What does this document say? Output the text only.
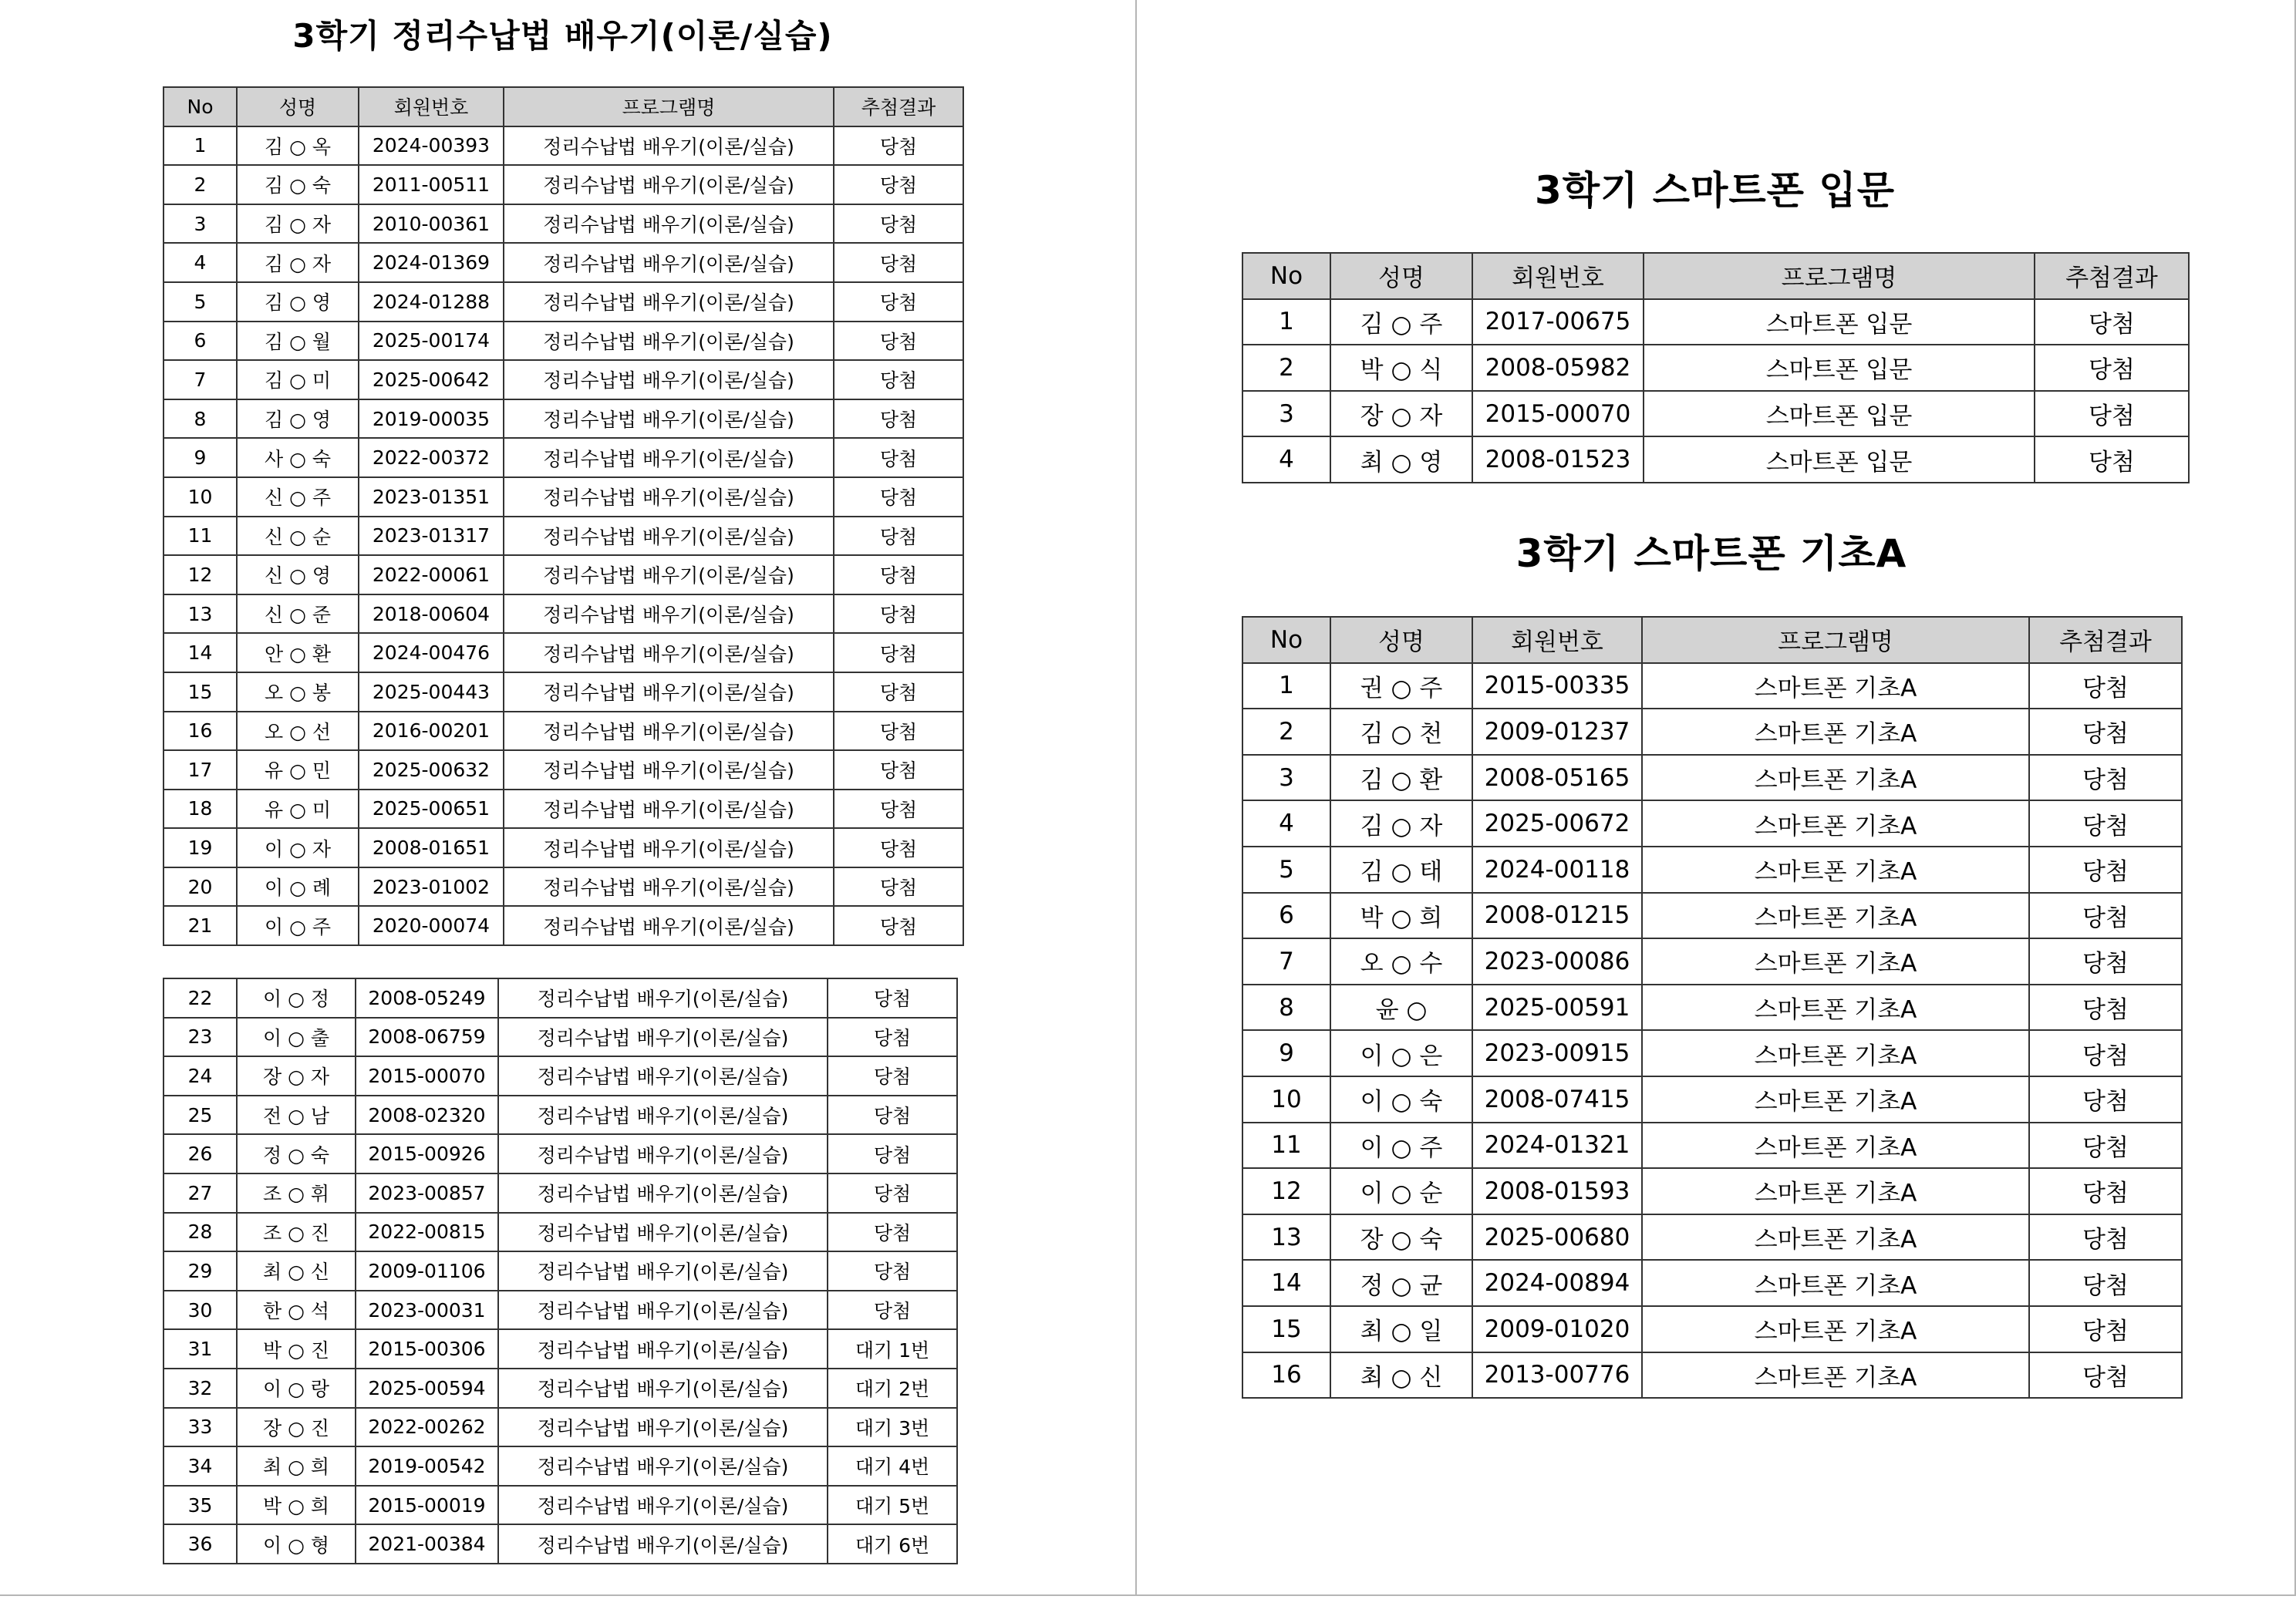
3학기 정리수납법 배우기(이론/실습)
No	성명	회원번호	프로그램명	추첨결과
1	김 ○ 옥	2024-00393	정리수납법 배우기(이론/실습)	당첨
2	김 ○ 숙	2011-00511	정리수납법 배우기(이론/실습)	당첨
3	김 ○ 자	2010-00361	정리수납법 배우기(이론/실습)	당첨
4	김 ○ 자	2024-01369	정리수납법 배우기(이론/실습)	당첨
5	김 ○ 영	2024-01288	정리수납법 배우기(이론/실습)	당첨
6	김 ○ 월	2025-00174	정리수납법 배우기(이론/실습)	당첨
7	김 ○ 미	2025-00642	정리수납법 배우기(이론/실습)	당첨
8	김 ○ 영	2019-00035	정리수납법 배우기(이론/실습)	당첨
9	사 ○ 숙	2022-00372	정리수납법 배우기(이론/실습)	당첨
10	신 ○ 주	2023-01351	정리수납법 배우기(이론/실습)	당첨
11	신 ○ 순	2023-01317	정리수납법 배우기(이론/실습)	당첨
12	신 ○ 영	2022-00061	정리수납법 배우기(이론/실습)	당첨
13	신 ○ 준	2018-00604	정리수납법 배우기(이론/실습)	당첨
14	안 ○ 환	2024-00476	정리수납법 배우기(이론/실습)	당첨
15	오 ○ 봉	2025-00443	정리수납법 배우기(이론/실습)	당첨
16	오 ○ 선	2016-00201	정리수납법 배우기(이론/실습)	당첨
17	유 ○ 민	2025-00632	정리수납법 배우기(이론/실습)	당첨
18	유 ○ 미	2025-00651	정리수납법 배우기(이론/실습)	당첨
19	이 ○ 자	2008-01651	정리수납법 배우기(이론/실습)	당첨
20	이 ○ 례	2023-01002	정리수납법 배우기(이론/실습)	당첨
21	이 ○ 주	2020-00074	정리수납법 배우기(이론/실습)	당첨
22	이 ○ 정	2008-05249	정리수납법 배우기(이론/실습)	당첨
23	이 ○ 출	2008-06759	정리수납법 배우기(이론/실습)	당첨
24	장 ○ 자	2015-00070	정리수납법 배우기(이론/실습)	당첨
25	전 ○ 남	2008-02320	정리수납법 배우기(이론/실습)	당첨
26	정 ○ 숙	2015-00926	정리수납법 배우기(이론/실습)	당첨
27	조 ○ 휘	2023-00857	정리수납법 배우기(이론/실습)	당첨
28	조 ○ 진	2022-00815	정리수납법 배우기(이론/실습)	당첨
29	최 ○ 신	2009-01106	정리수납법 배우기(이론/실습)	당첨
30	한 ○ 석	2023-00031	정리수납법 배우기(이론/실습)	당첨
31	박 ○ 진	2015-00306	정리수납법 배우기(이론/실습)	대기 1번
32	이 ○ 랑	2025-00594	정리수납법 배우기(이론/실습)	대기 2번
33	장 ○ 진	2022-00262	정리수납법 배우기(이론/실습)	대기 3번
34	최 ○ 희	2019-00542	정리수납법 배우기(이론/실습)	대기 4번
35	박 ○ 희	2015-00019	정리수납법 배우기(이론/실습)	대기 5번
36	이 ○ 형	2021-00384	정리수납법 배우기(이론/실습)	대기 6번
3학기 스마트폰 입문
No	성명	회원번호	프로그램명	추첨결과
1	김 ○ 주	2017-00675	스마트폰 입문	당첨
2	박 ○ 식	2008-05982	스마트폰 입문	당첨
3	장 ○ 자	2015-00070	스마트폰 입문	당첨
4	최 ○ 영	2008-01523	스마트폰 입문	당첨
3학기 스마트폰 기초A
No	성명	회원번호	프로그램명	추첨결과
1	권 ○ 주	2015-00335	스마트폰 기초A	당첨
2	김 ○ 천	2009-01237	스마트폰 기초A	당첨
3	김 ○ 환	2008-05165	스마트폰 기초A	당첨
4	김 ○ 자	2025-00672	스마트폰 기초A	당첨
5	김 ○ 태	2024-00118	스마트폰 기초A	당첨
6	박 ○ 희	2008-01215	스마트폰 기초A	당첨
7	오 ○ 수	2023-00086	스마트폰 기초A	당첨
8	윤 ○	2025-00591	스마트폰 기초A	당첨
9	이 ○ 은	2023-00915	스마트폰 기초A	당첨
10	이 ○ 숙	2008-07415	스마트폰 기초A	당첨
11	이 ○ 주	2024-01321	스마트폰 기초A	당첨
12	이 ○ 순	2008-01593	스마트폰 기초A	당첨
13	장 ○ 숙	2025-00680	스마트폰 기초A	당첨
14	정 ○ 균	2024-00894	스마트폰 기초A	당첨
15	최 ○ 일	2009-01020	스마트폰 기초A	당첨
16	최 ○ 신	2013-00776	스마트폰 기초A	당첨
